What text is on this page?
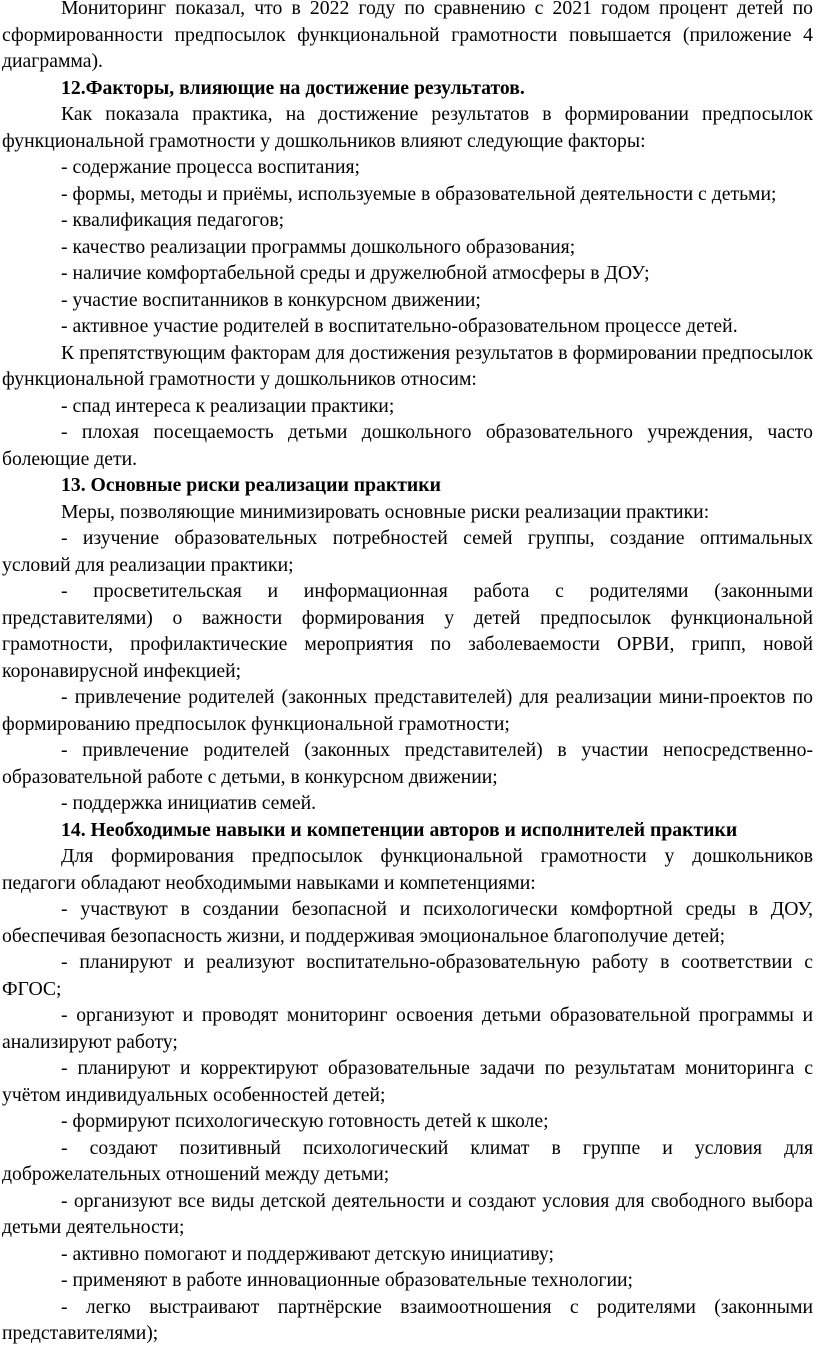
Мониторинг показал, что в 2022 году по сравнению с 2021 годом процент детей по сформированности предпосылок функциональной грамотности повышается (приложение 4 диаграмма).

12.Факторы, влияющие на достижение результатов.

Как показала практика, на достижение результатов в формировании предпосылок функциональной грамотности у дошкольников влияют следующие факторы:

- содержание процесса воспитания;

- формы, методы и приёмы, используемые в образовательной деятельности с детьми;

- квалификация педагогов;

- качество реализации программы дошкольного образования;

- наличие комфортабельной среды и дружелюбной атмосферы в ДОУ;

- участие воспитанников в конкурсном движении;

- активное участие родителей в воспитательно-образовательном процессе детей.

К препятствующим факторам для достижения результатов в формировании предпосылок функциональной грамотности у дошкольников относим:

- спад интереса к реализации практики;

- плохая посещаемость детьми дошкольного образовательного учреждения, часто болеющие дети.

13. Основные риски реализации практики

Меры, позволяющие минимизировать основные риски реализации практики:

- изучение образовательных потребностей семей группы, создание оптимальных условий для реализации практики;

- просветительская и информационная работа с родителями (законными представителями) о важности формирования у детей предпосылок функциональной грамотности, профилактические мероприятия по заболеваемости ОРВИ, грипп, новой коронавирусной инфекцией;

- привлечение родителей (законных представителей) для реализации мини-проектов по формированию предпосылок функциональной грамотности;

- привлечение родителей (законных представителей) в участии непосредственно-образовательной работе с детьми, в конкурсном движении;

- поддержка инициатив семей.

14. Необходимые навыки и компетенции авторов и исполнителей практики

Для формирования предпосылок функциональной грамотности у дошкольников педагоги обладают необходимыми навыками и компетенциями:

- участвуют в создании безопасной и психологически комфортной среды в ДОУ, обеспечивая безопасность жизни, и поддерживая эмоциональное благополучие детей;

- планируют и реализуют воспитательно-образовательную работу в соответствии с ФГОС;

- организуют и проводят мониторинг освоения детьми образовательной программы и анализируют работу;

- планируют и корректируют образовательные задачи по результатам мониторинга с учётом индивидуальных особенностей детей;

- формируют психологическую готовность детей к школе;

- создают позитивный психологический климат в группе и условия для доброжелательных отношений между детьми;

- организуют все виды детской деятельности и создают условия для свободного выбора детьми деятельности;

- активно помогают и поддерживают детскую инициативу;

- применяют в работе инновационные образовательные технологии;

- легко выстраивают партнёрские взаимоотношения с родителями (законными представителями);
